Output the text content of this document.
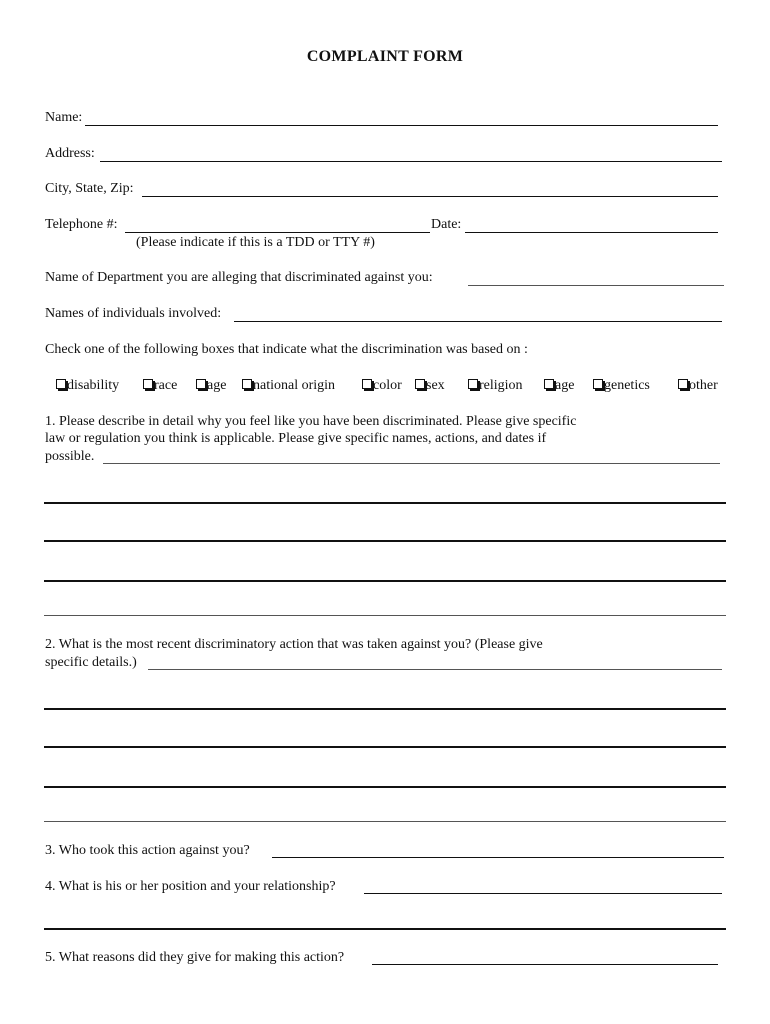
COMPLAINT FORM
Name:
Address:
City, State, Zip:
Telephone #:	Date:
(Please indicate if this is a TDD or TTY #)
Name of Department you are alleging that discriminated against you:
Names of individuals involved:
Check one of the following boxes that indicate what the discrimination was based on :
disability	race	age	national origin	color	sex	religion	age	genetics	other
1. Please describe in detail why you feel like you have been discriminated. Please give specific
law or regulation you think is applicable. Please give specific names, actions, and dates if
possible.
2. What is the most recent discriminatory action that was taken against you? (Please give
specific details.)
3. Who took this action against you?
4. What is his or her position and your relationship?
5. What reasons did they give for making this action?
